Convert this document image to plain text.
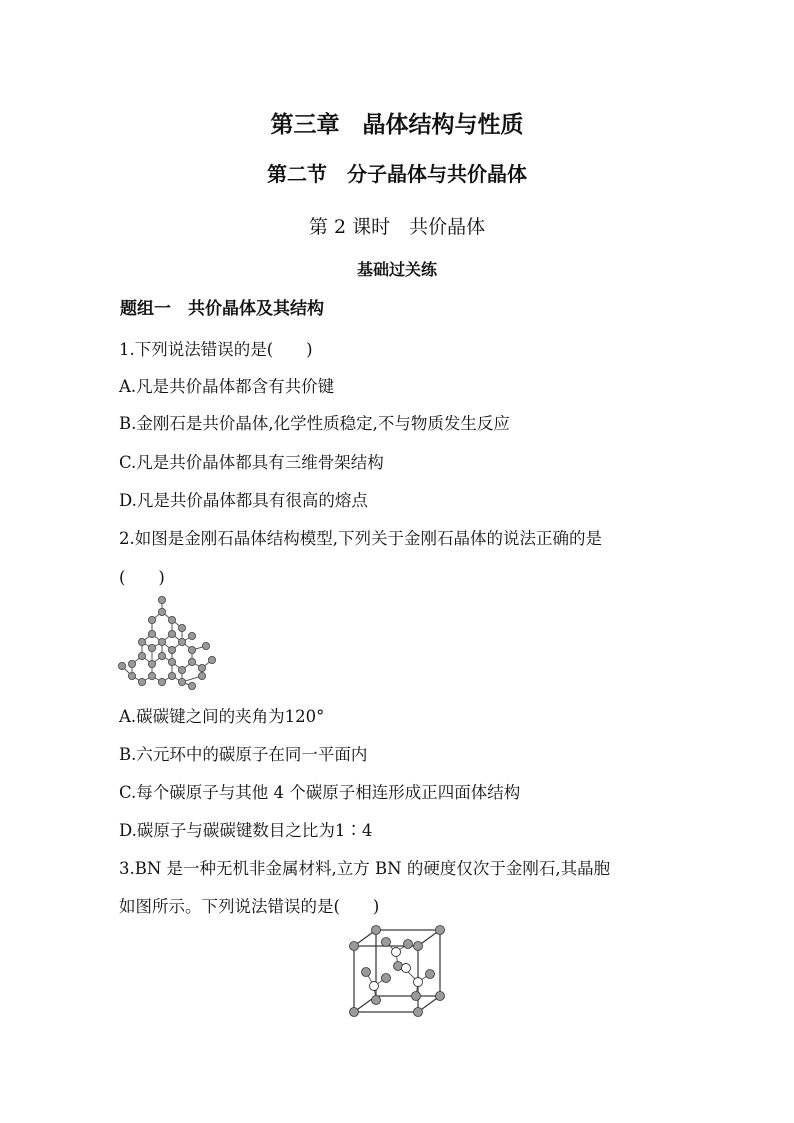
第三章　晶体结构与性质
第二节　分子晶体与共价晶体
第 2 课时　共价晶体
基础过关练
题组一　共价晶体及其结构
1.下列说法错误的是(　　)
A.凡是共价晶体都含有共价键
B.金刚石是共价晶体,化学性质稳定,不与物质发生反应
C.凡是共价晶体都具有三维骨架结构
D.凡是共价晶体都具有很高的熔点
2.如图是金刚石晶体结构模型,下列关于金刚石晶体的说法正确的是
(　　)
A.碳碳键之间的夹角为120°
B.六元环中的碳原子在同一平面内
C.每个碳原子与其他 4 个碳原子相连形成正四面体结构
D.碳原子与碳碳键数目之比为1∶4
3.BN 是一种无机非金属材料,立方 BN 的硬度仅次于金刚石,其晶胞
如图所示。下列说法错误的是(　　)
